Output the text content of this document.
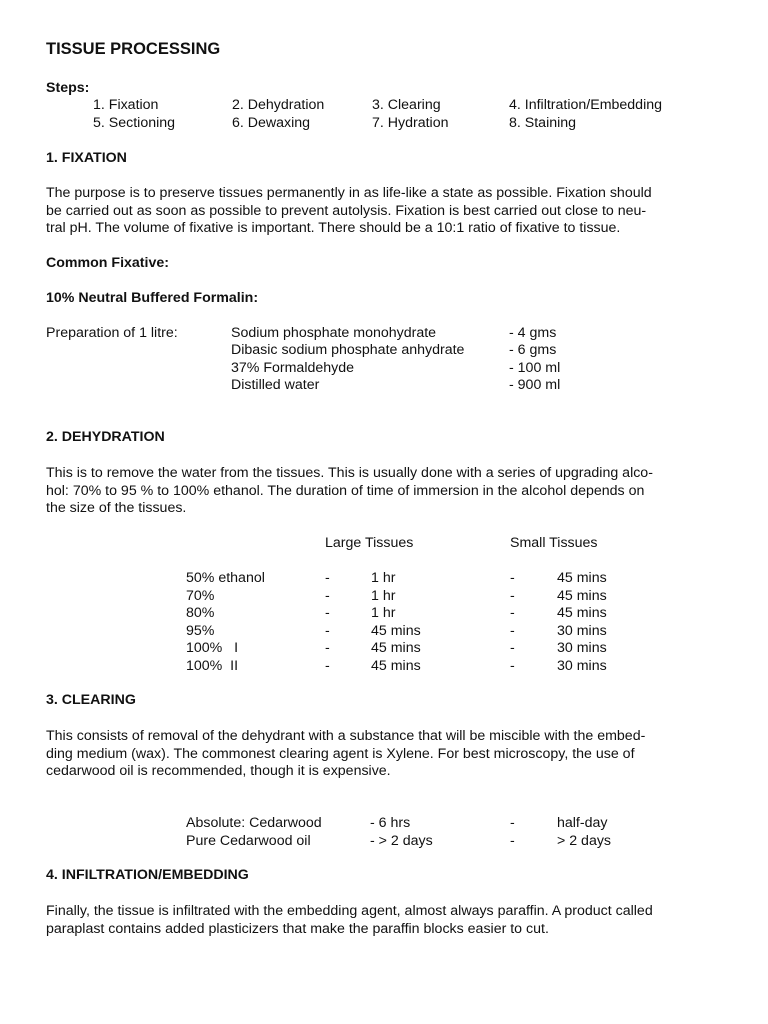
TISSUE PROCESSING
Steps:
1. Fixation	2. Dehydration	3. Clearing	4. Infiltration/Embedding
5. Sectioning	6. Dewaxing	7. Hydration	8. Staining
1. FIXATION
The purpose is to preserve tissues permanently in as life-like a state as possible. Fixation should
be carried out as soon as possible to prevent autolysis. Fixation is best carried out close to neu-
tral pH. The volume of fixative is important. There should be a 10:1 ratio of fixative to tissue.
Common Fixative:
10% Neutral Buffered Formalin:
Preparation of 1 litre:	Sodium phosphate monohydrate	- 4 gms
Dibasic sodium phosphate anhydrate	- 6 gms
37% Formaldehyde	- 100 ml
Distilled water	- 900 ml
2. DEHYDRATION
This is to remove the water from the tissues. This is usually done with a series of upgrading alco-
hol: 70% to 95 % to 100% ethanol. The duration of time of immersion in the alcohol depends on
the size of the tissues.
Large Tissues	Small Tissues
50% ethanol	-	1 hr	-	45 mins
70%	-	1 hr	-	45 mins
80%	-	1 hr	-	45 mins
95%	-	45 mins	-	30 mins
100%   I	-	45 mins	-	30 mins
100%  II	-	45 mins	-	30 mins
3. CLEARING
This consists of removal of the dehydrant with a substance that will be miscible with the embed-
ding medium (wax). The commonest clearing agent is Xylene. For best microscopy, the use of
cedarwood oil is recommended, though it is expensive.
Absolute: Cedarwood	- 6 hrs	-	half-day
Pure Cedarwood oil	- > 2 days	-	> 2 days
4. INFILTRATION/EMBEDDING
Finally, the tissue is infiltrated with the embedding agent, almost always paraffin. A product called
paraplast contains added plasticizers that make the paraffin blocks easier to cut.
